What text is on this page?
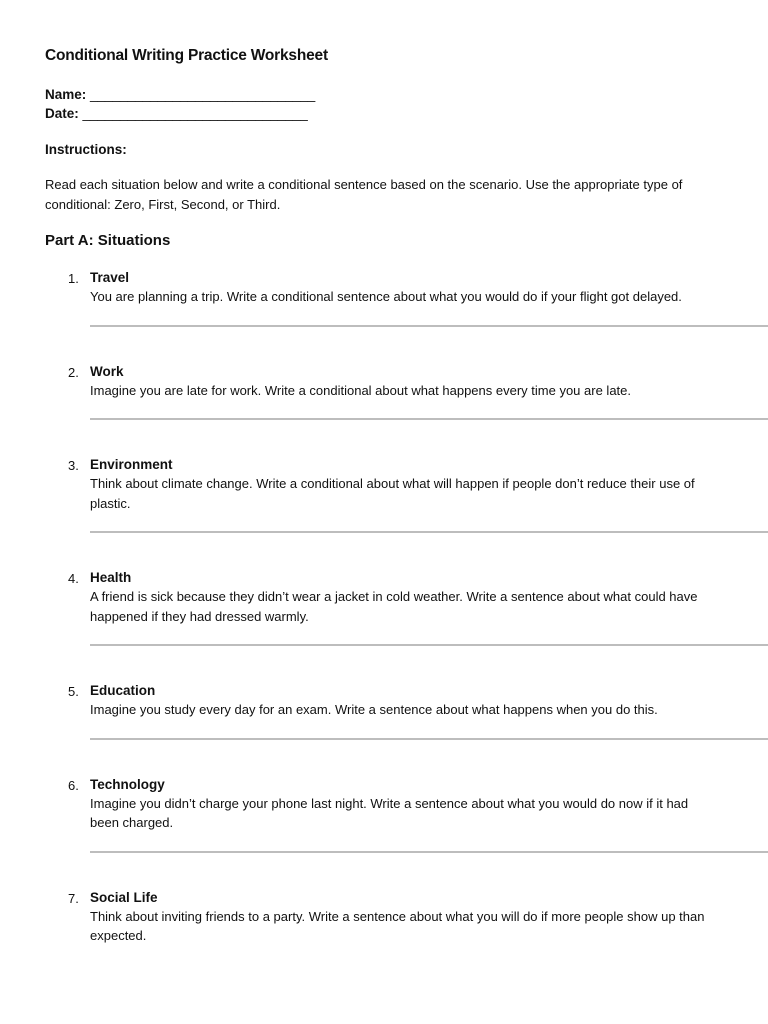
Conditional Writing Practice Worksheet
Name: ______________________________
Date: ______________________________
Instructions:

Read each situation below and write a conditional sentence based on the scenario. Use the appropriate type of conditional: Zero, First, Second, or Third.

Part A: Situations
1. Travel

You are planning a trip. Write a conditional sentence about what you would do if your flight got delayed.

2. Work

Imagine you are late for work. Write a conditional about what happens every time you are late.

3. Environment

Think about climate change. Write a conditional about what will happen if people don’t reduce their use of plastic.

4. Health

A friend is sick because they didn’t wear a jacket in cold weather. Write a sentence about what could have happened if they had dressed warmly.

5. Education

Imagine you study every day for an exam. Write a sentence about what happens when you do this.

6. Technology

Imagine you didn’t charge your phone last night. Write a sentence about what you would do now if it had been charged.

7. Social Life

Think about inviting friends to a party. Write a sentence about what you will do if more people show up than expected.
